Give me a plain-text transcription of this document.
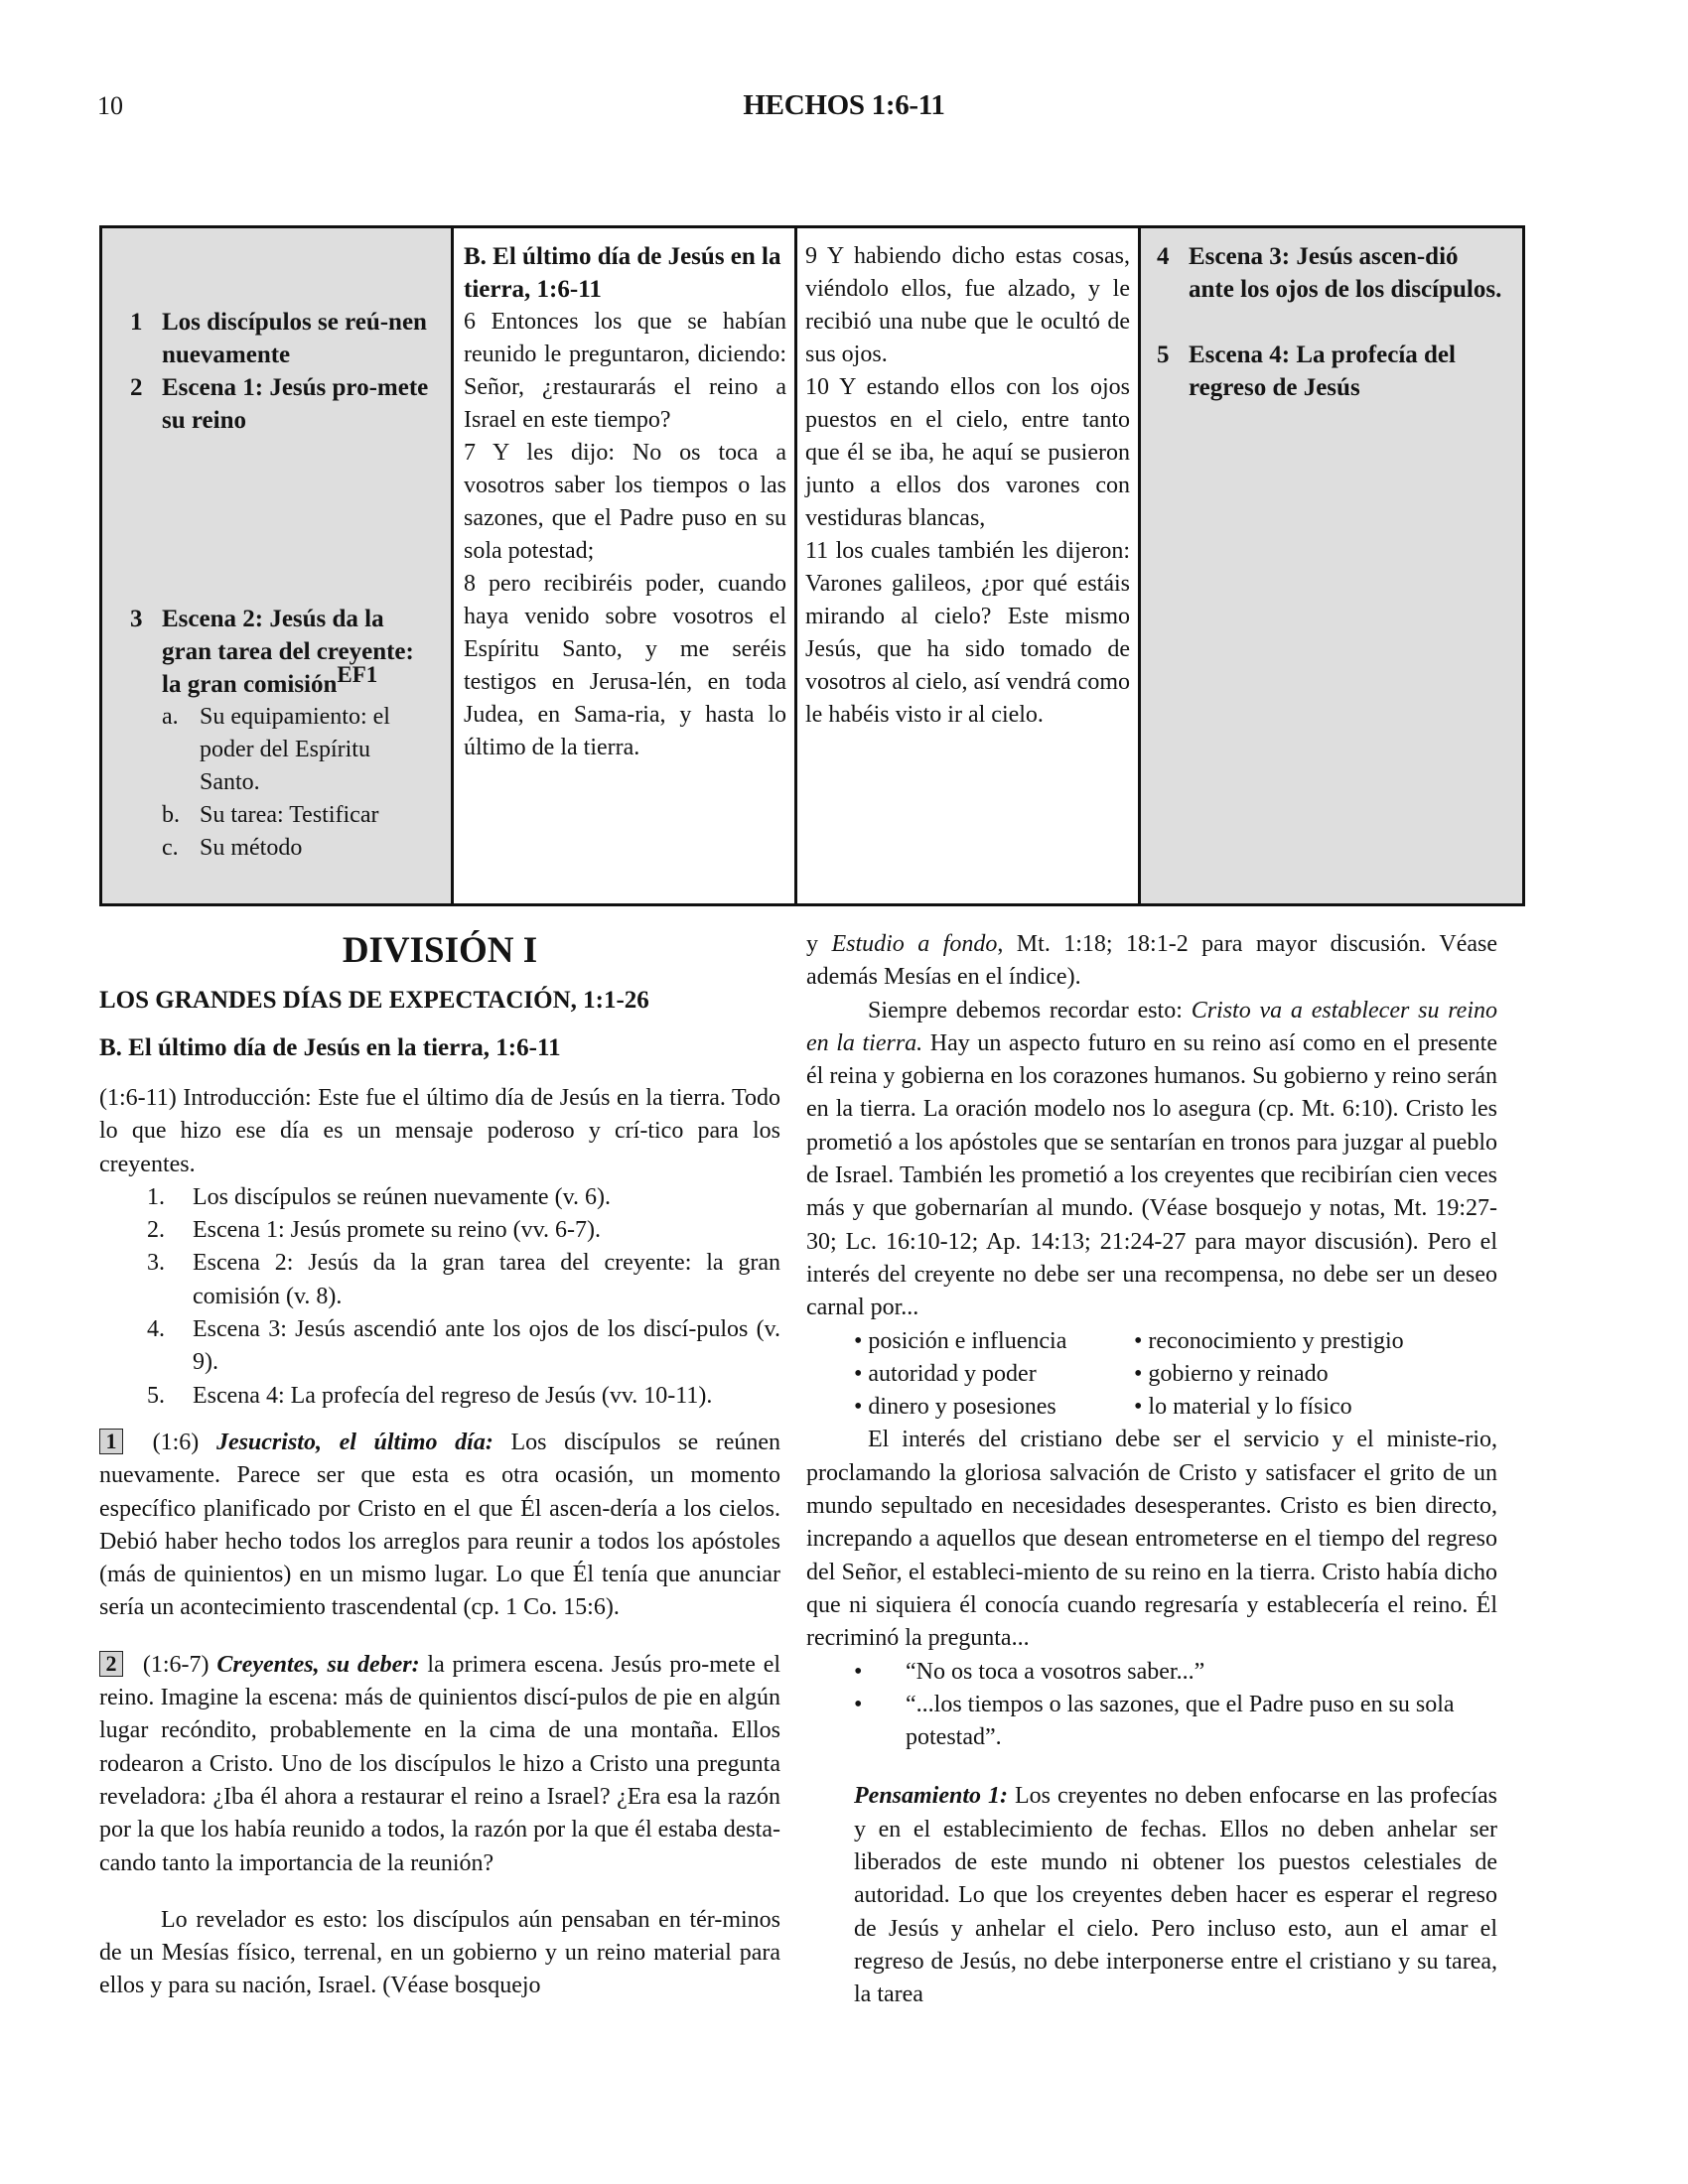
10	HECHOS 1:6-11
1 Los discípulos se reú-nen nuevamente
2 Escena 1: Jesús pro-mete su reino
3 Escena 2: Jesús da la gran tarea del creyente: la gran comisiónEF1
a. Su equipamiento: el poder del Espíritu Santo.
b. Su tarea: Testificar
c. Su método
B. El último día de Jesús en la tierra, 1:6-11
6 Entonces los que se habían reunido le preguntaron, diciendo: Señor, ¿restaurarás el reino a Israel en este tiempo?
7 Y les dijo: No os toca a vosotros saber los tiempos o las sazones, que el Padre puso en su sola potestad;
8 pero recibiréis poder, cuando haya venido sobre vosotros el Espíritu Santo, y me seréis testigos en Jerusa-lén, en toda Judea, en Sama-ria, y hasta lo último de la tierra.
9 Y habiendo dicho estas cosas, viéndolo ellos, fue alzado, y le recibió una nube que le ocultó de sus ojos.
10 Y estando ellos con los ojos puestos en el cielo, entre tanto que él se iba, he aquí se pusieron junto a ellos dos varones con vestiduras blancas,
11 los cuales también les dijeron: Varones galileos, ¿por qué estáis mirando al cielo? Este mismo Jesús, que ha sido tomado de vosotros al cielo, así vendrá como le habéis visto ir al cielo.
4 Escena 3: Jesús ascen-dió ante los ojos de los discípulos.
5 Escena 4: La profecía del regreso de Jesús
DIVISIÓN I
LOS GRANDES DÍAS DE EXPECTACIÓN, 1:1-26
B. El último día de Jesús en la tierra, 1:6-11

(1:6-11) Introducción: Este fue el último día de Jesús en la tierra. Todo lo que hizo ese día es un mensaje poderoso y crí-tico para los creyentes.

1.	Los discípulos se reúnen nuevamente (v. 6).
2.	Escena 1: Jesús promete su reino (vv. 6-7).
3.	Escena 2: Jesús da la gran tarea del creyente: la gran comisión (v. 8).
4.	Escena 3: Jesús ascendió ante los ojos de los discí-pulos (v. 9).
5.	Escena 4: La profecía del regreso de Jesús (vv. 10-11).

1 (1:6) Jesucristo, el último día: Los discípulos se reúnen nuevamente. Parece ser que esta es otra ocasión, un momento específico planificado por Cristo en el que Él ascen-dería a los cielos. Debió haber hecho todos los arreglos para reunir a todos los apóstoles (más de quinientos) en un mismo lugar. Lo que Él tenía que anunciar sería un acontecimiento trascendental (cp. 1 Co. 15:6).

2 (1:6-7) Creyentes, su deber: la primera escena. Jesús pro-mete el reino. Imagine la escena: más de quinientos discí-pulos de pie en algún lugar recóndito, probablemente en la cima de una montaña. Ellos rodearon a Cristo. Uno de los discípulos le hizo a Cristo una pregunta reveladora: ¿Iba él ahora a restaurar el reino a Israel? ¿Era esa la razón por la que los había reunido a todos, la razón por la que él estaba desta-cando tanto la importancia de la reunión?

Lo revelador es esto: los discípulos aún pensaban en tér-minos de un Mesías físico, terrenal, en un gobierno y un reino material para ellos y para su nación, Israel. (Véase bosquejo

y Estudio a fondo, Mt. 1:18; 18:1-2 para mayor discusión. Véase además Mesías en el índice).

Siempre debemos recordar esto: Cristo va a establecer su reino en la tierra. Hay un aspecto futuro en su reino así como en el presente él reina y gobierna en los corazones humanos. Su gobierno y reino serán en la tierra. La oración modelo nos lo asegura (cp. Mt. 6:10). Cristo les prometió a los apóstoles que se sentarían en tronos para juzgar al pueblo de Israel. También les prometió a los creyentes que recibirían cien veces más y que gobernarían al mundo. (Véase bosquejo y notas, Mt. 19:27-30; Lc. 16:10-12; Ap. 14:13; 21:24-27 para mayor discusión). Pero el interés del creyente no debe ser una recompensa, no debe ser un deseo carnal por...

• posición e influencia	• reconocimiento y prestigio
• autoridad y poder	• gobierno y reinado
• dinero y posesiones	• lo material y lo físico

El interés del cristiano debe ser el servicio y el ministe-rio, proclamando la gloriosa salvación de Cristo y satisfacer el grito de un mundo sepultado en necesidades desesperantes. Cristo es bien directo, increpando a aquellos que desean entrometerse en el tiempo del regreso del Señor, el estableci-miento de su reino en la tierra. Cristo había dicho que ni siquiera él conocía cuando regresaría y establecería el reino. Él recriminó la pregunta...

•	“No os toca a vosotros saber...”
•	“...los tiempos o las sazones, que el Padre puso en su sola potestad”.

Pensamiento 1: Los creyentes no deben enfocarse en las profecías y en el establecimiento de fechas. Ellos no deben anhelar ser liberados de este mundo ni obtener los puestos celestiales de autoridad. Lo que los creyentes deben hacer es esperar el regreso de Jesús y anhelar el cielo. Pero incluso esto, aun el amar el regreso de Jesús, no debe interponerse entre el cristiano y su tarea, la tarea
